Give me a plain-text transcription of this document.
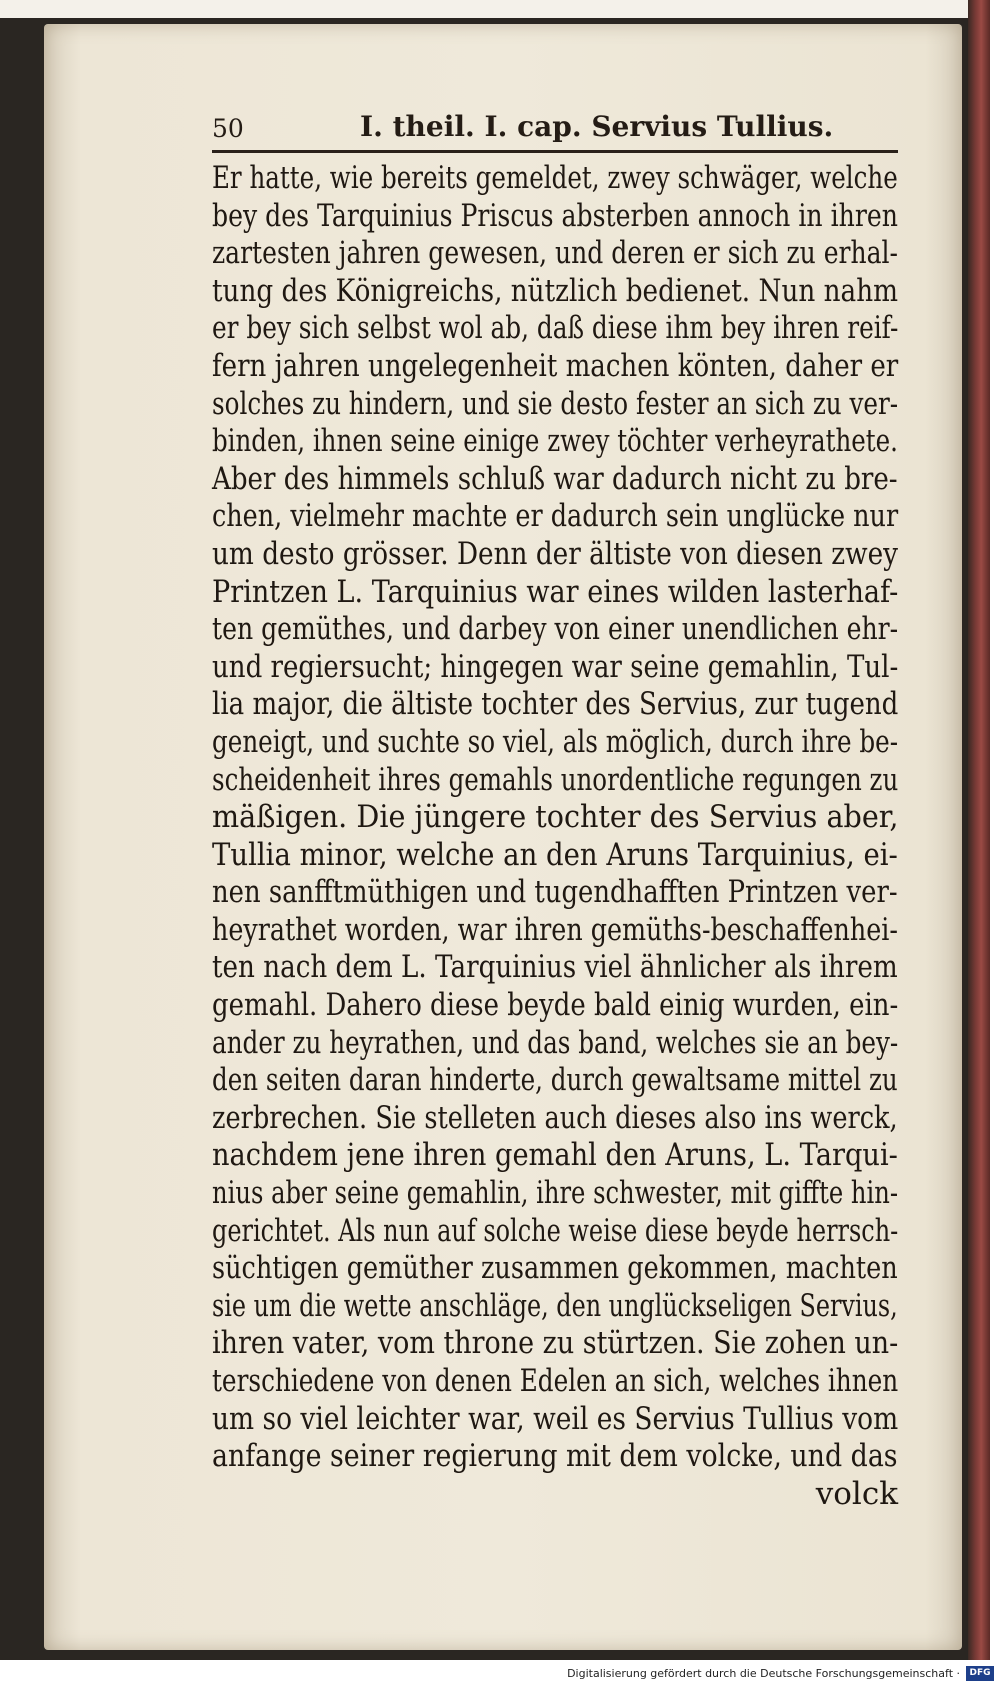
50	I. theil. I. cap. Servius Tullius.
Er hatte, wie bereits gemeldet, zwey schwäger, welche
bey des Tarquinius Priscus absterben annoch in ihren
zartesten jahren gewesen, und deren er sich zu erhal-
tung des Königreichs, nützlich bedienet. Nun nahm
er bey sich selbst wol ab, daß diese ihm bey ihren reif-
fern jahren ungelegenheit machen könten, daher er
solches zu hindern, und sie desto fester an sich zu ver-
binden, ihnen seine einige zwey töchter verheyrathete.
Aber des himmels schluß war dadurch nicht zu bre-
chen, vielmehr machte er dadurch sein unglücke nur
um desto grösser. Denn der ältiste von diesen zwey
Printzen L. Tarquinius war eines wilden lasterhaf-
ten gemüthes, und darbey von einer unendlichen ehr-
und regiersucht; hingegen war seine gemahlin, Tul-
lia major, die ältiste tochter des Servius, zur tugend
geneigt, und suchte so viel, als möglich, durch ihre be-
scheidenheit ihres gemahls unordentliche regungen zu
mäßigen. Die jüngere tochter des Servius aber,
Tullia minor, welche an den Aruns Tarquinius, ei-
nen sanfftmüthigen und tugendhafften Printzen ver-
heyrathet worden, war ihren gemüths-beschaffenhei-
ten nach dem L. Tarquinius viel ähnlicher als ihrem
gemahl. Dahero diese beyde bald einig wurden, ein-
ander zu heyrathen, und das band, welches sie an bey-
den seiten daran hinderte, durch gewaltsame mittel zu
zerbrechen. Sie stelleten auch dieses also ins werck,
nachdem jene ihren gemahl den Aruns, L. Tarqui-
nius aber seine gemahlin, ihre schwester, mit giffte hin-
gerichtet. Als nun auf solche weise diese beyde herrsch-
süchtigen gemüther zusammen gekommen, machten
sie um die wette anschläge, den unglückseligen Servius,
ihren vater, vom throne zu stürtzen. Sie zohen un-
terschiedene von denen Edelen an sich, welches ihnen
um so viel leichter war, weil es Servius Tullius vom
anfange seiner regierung mit dem volcke, und das
volck
Digitalisierung gefördert durch die Deutsche Forschungsgemeinschaft ·	DFG
